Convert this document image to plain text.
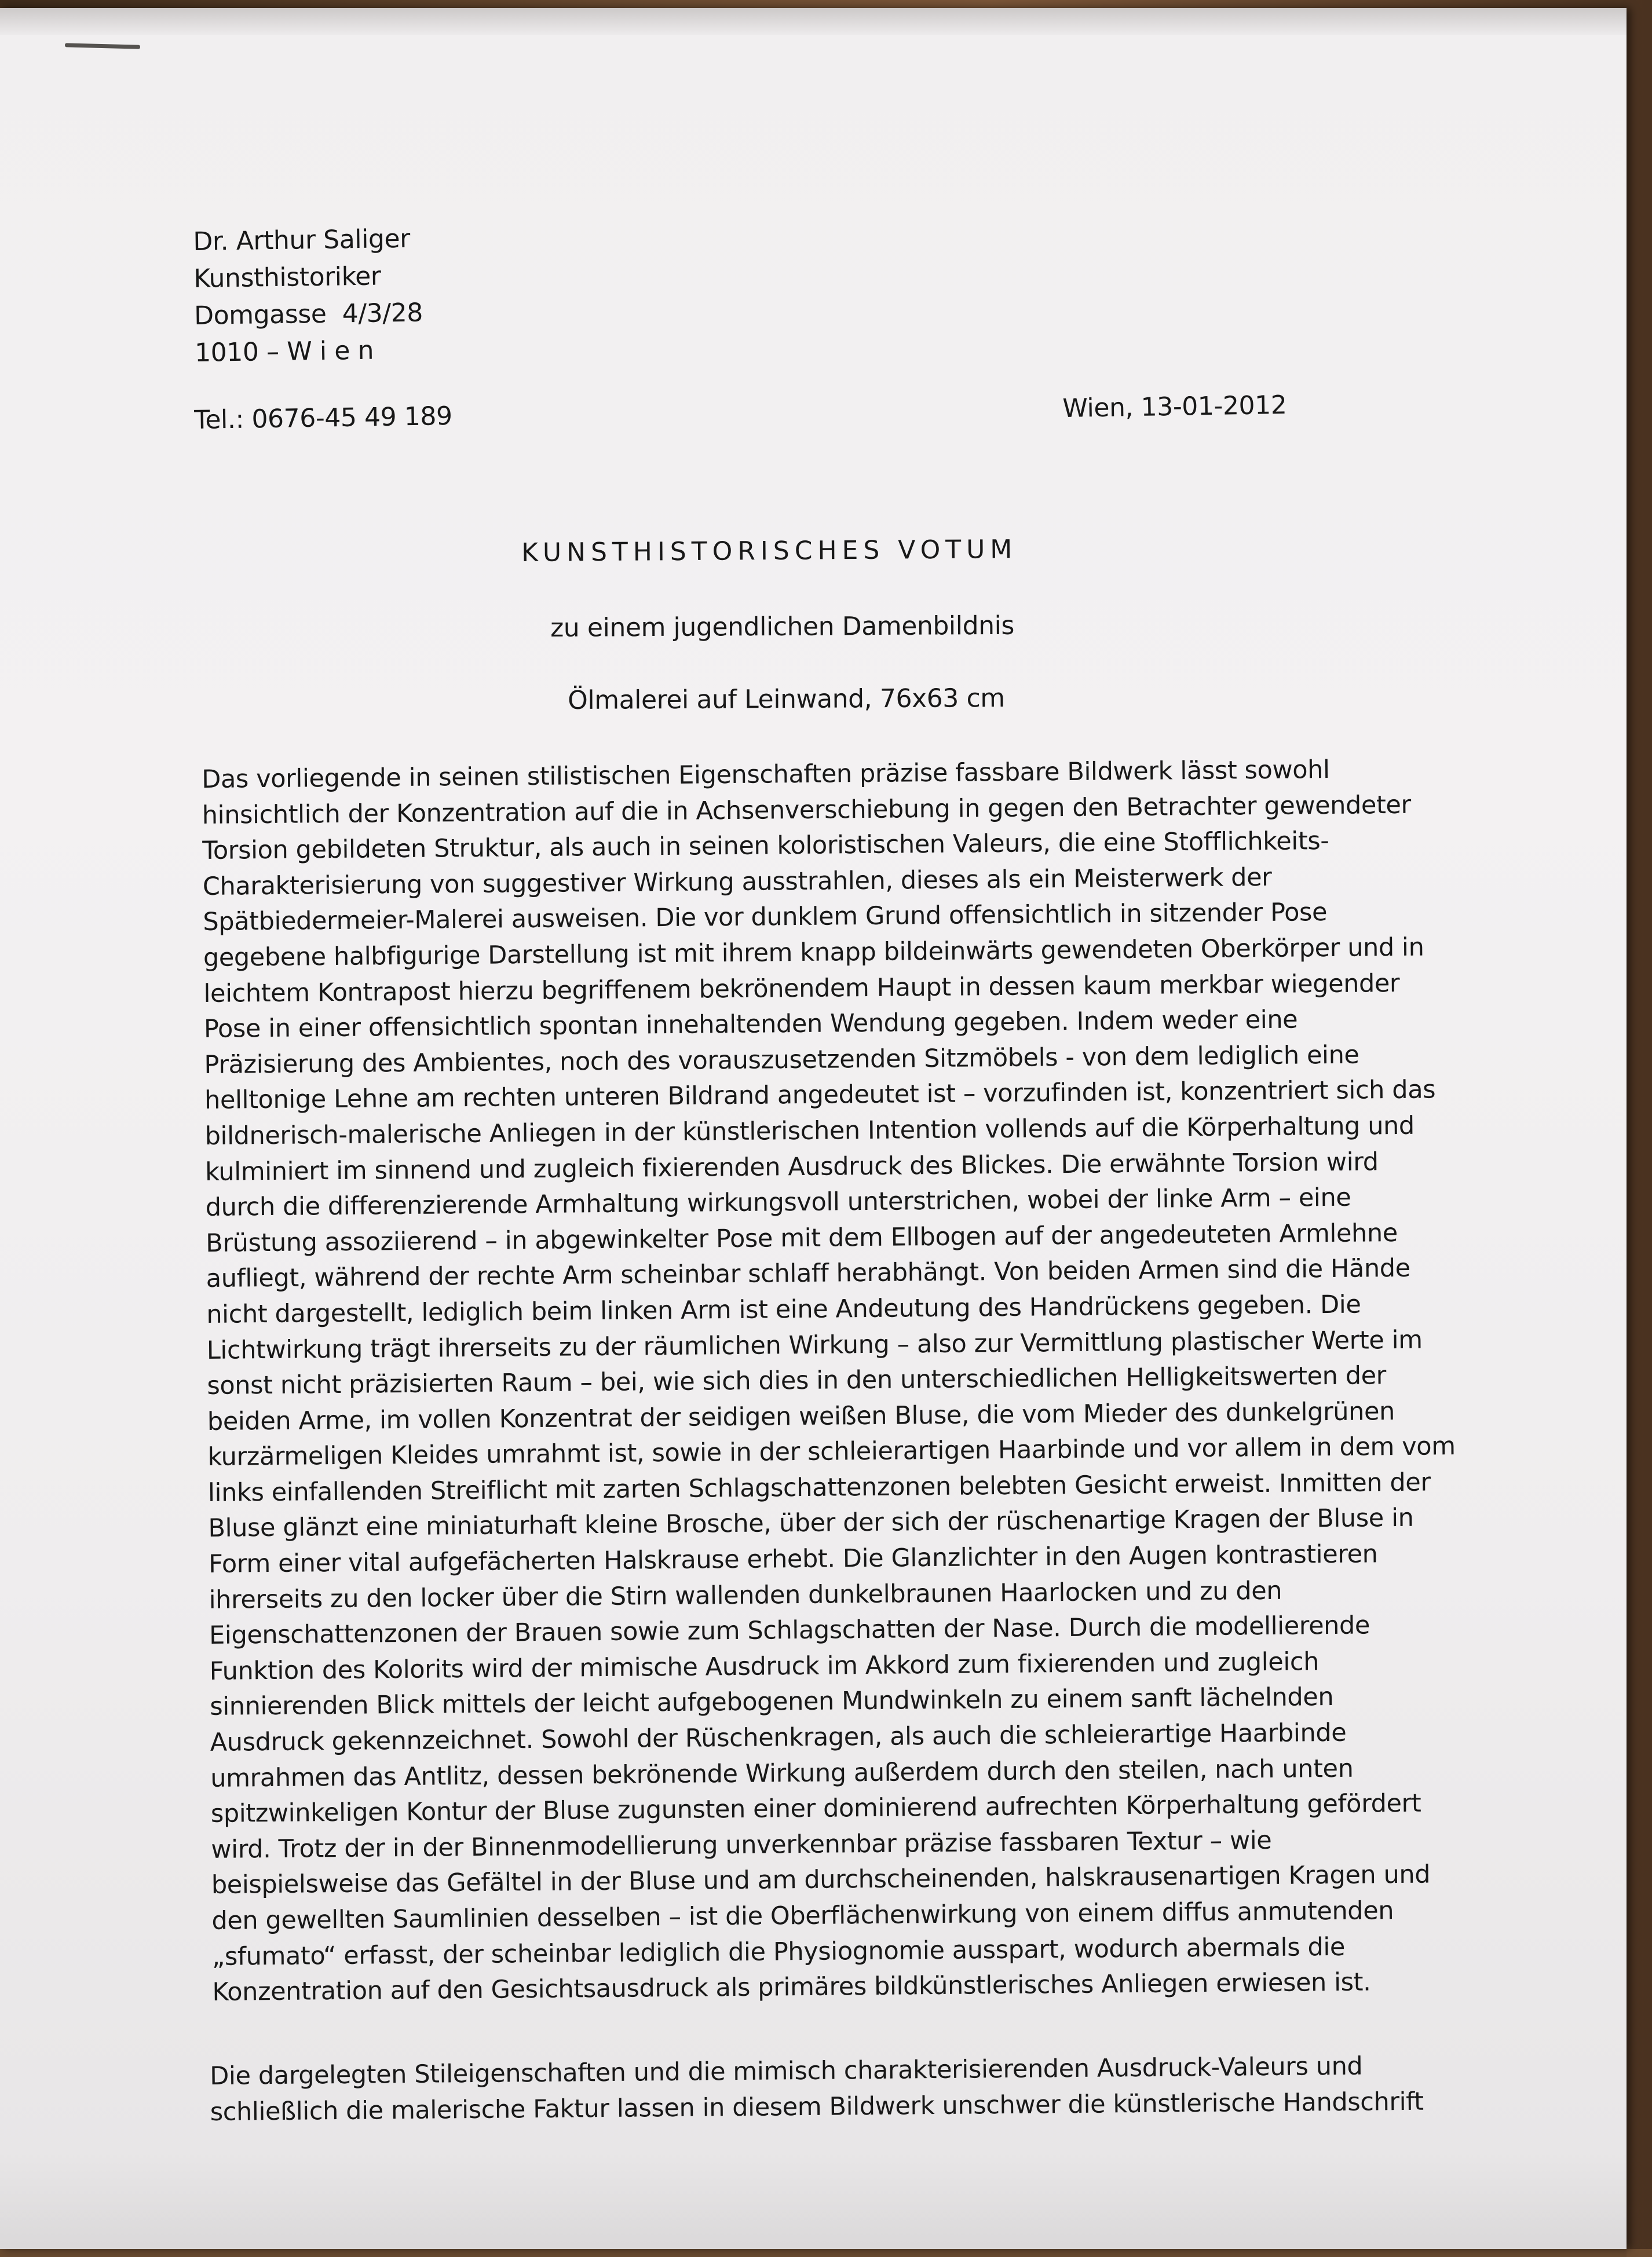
Dr. Arthur Saliger
Kunsthistoriker
Domgasse  4/3/28
1010 – W i e n
Tel.: 0676-45 49 189	Wien, 13-01-2012
KUNSTHISTORISCHES VOTUM
zu einem jugendlichen Damenbildnis
Ölmalerei auf Leinwand, 76x63 cm
Das vorliegende in seinen stilistischen Eigenschaften präzise fassbare Bildwerk lässt sowohl
hinsichtlich der Konzentration auf die in Achsenverschiebung in gegen den Betrachter gewendeter
Torsion gebildeten Struktur, als auch in seinen koloristischen Valeurs, die eine Stofflichkeits-
Charakterisierung von suggestiver Wirkung ausstrahlen, dieses als ein Meisterwerk der
Spätbiedermeier-Malerei ausweisen. Die vor dunklem Grund offensichtlich in sitzender Pose
gegebene halbfigurige Darstellung ist mit ihrem knapp bildeinwärts gewendeten Oberkörper und in
leichtem Kontrapost hierzu begriffenem bekrönendem Haupt in dessen kaum merkbar wiegender
Pose in einer offensichtlich spontan innehaltenden Wendung gegeben. Indem weder eine
Präzisierung des Ambientes, noch des vorauszusetzenden Sitzmöbels - von dem lediglich eine
helltonige Lehne am rechten unteren Bildrand angedeutet ist – vorzufinden ist, konzentriert sich das
bildnerisch-malerische Anliegen in der künstlerischen Intention vollends auf die Körperhaltung und
kulminiert im sinnend und zugleich fixierenden Ausdruck des Blickes. Die erwähnte Torsion wird
durch die differenzierende Armhaltung wirkungsvoll unterstrichen, wobei der linke Arm – eine
Brüstung assoziierend – in abgewinkelter Pose mit dem Ellbogen auf der angedeuteten Armlehne
aufliegt, während der rechte Arm scheinbar schlaff herabhängt. Von beiden Armen sind die Hände
nicht dargestellt, lediglich beim linken Arm ist eine Andeutung des Handrückens gegeben. Die
Lichtwirkung trägt ihrerseits zu der räumlichen Wirkung – also zur Vermittlung plastischer Werte im
sonst nicht präzisierten Raum – bei, wie sich dies in den unterschiedlichen Helligkeitswerten der
beiden Arme, im vollen Konzentrat der seidigen weißen Bluse, die vom Mieder des dunkelgrünen
kurzärmeligen Kleides umrahmt ist, sowie in der schleierartigen Haarbinde und vor allem in dem vom
links einfallenden Streiflicht mit zarten Schlagschattenzonen belebten Gesicht erweist. Inmitten der
Bluse glänzt eine miniaturhaft kleine Brosche, über der sich der rüschenartige Kragen der Bluse in
Form einer vital aufgefächerten Halskrause erhebt. Die Glanzlichter in den Augen kontrastieren
ihrerseits zu den locker über die Stirn wallenden dunkelbraunen Haarlocken und zu den
Eigenschattenzonen der Brauen sowie zum Schlagschatten der Nase. Durch die modellierende
Funktion des Kolorits wird der mimische Ausdruck im Akkord zum fixierenden und zugleich
sinnierenden Blick mittels der leicht aufgebogenen Mundwinkeln zu einem sanft lächelnden
Ausdruck gekennzeichnet. Sowohl der Rüschenkragen, als auch die schleierartige Haarbinde
umrahmen das Antlitz, dessen bekrönende Wirkung außerdem durch den steilen, nach unten
spitzwinkeligen Kontur der Bluse zugunsten einer dominierend aufrechten Körperhaltung gefördert
wird. Trotz der in der Binnenmodellierung unverkennbar präzise fassbaren Textur – wie
beispielsweise das Gefältel in der Bluse und am durchscheinenden, halskrausenartigen Kragen und
den gewellten Saumlinien desselben – ist die Oberflächenwirkung von einem diffus anmutenden
„sfumato“ erfasst, der scheinbar lediglich die Physiognomie ausspart, wodurch abermals die
Konzentration auf den Gesichtsausdruck als primäres bildkünstlerisches Anliegen erwiesen ist.
Die dargelegten Stileigenschaften und die mimisch charakterisierenden Ausdruck-Valeurs und
schließlich die malerische Faktur lassen in diesem Bildwerk unschwer die künstlerische Handschrift
